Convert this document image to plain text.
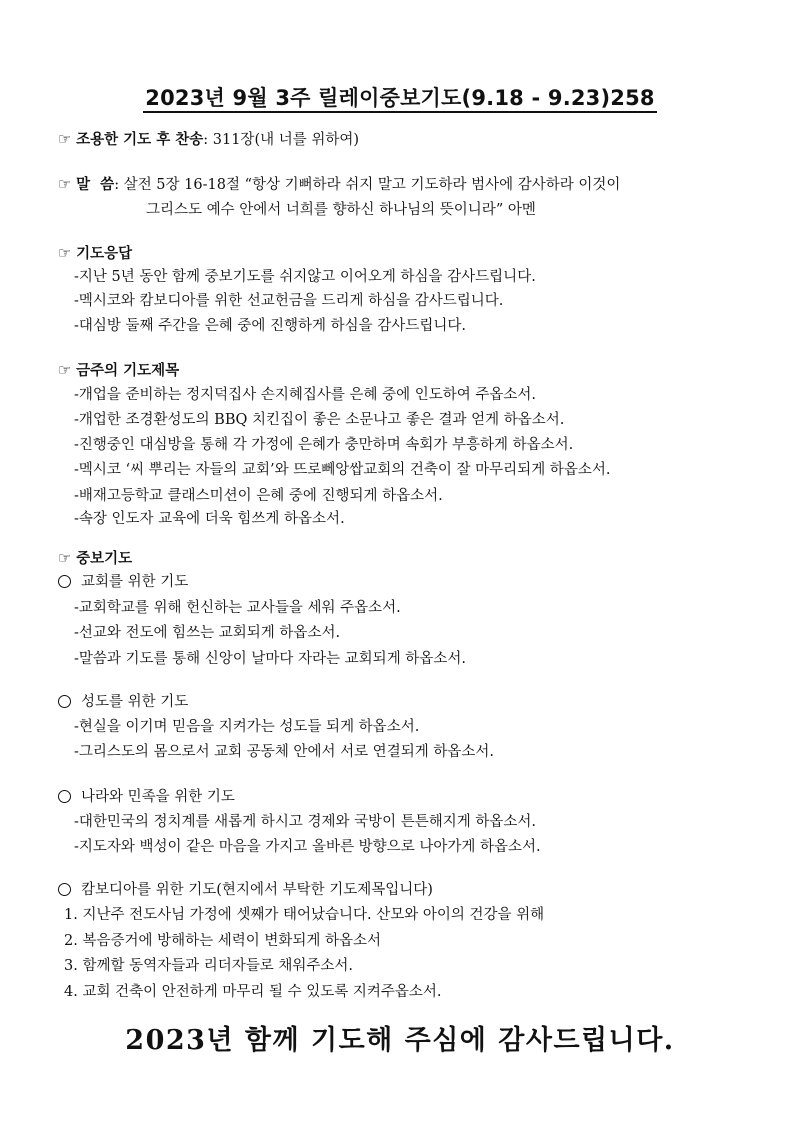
2023년 9월 3주 릴레이중보기도(9.18 - 9.23)258
☞ 조용한 기도 후 찬송: 311장(내 너를 위하여)
☞ 말  씀: 살전 5장 16-18절 “항상 기뻐하라 쉬지 말고 기도하라 범사에 감사하라 이것이
그리스도 예수 안에서 너희를 향하신 하나님의 뜻이니라” 아멘
☞ 기도응답
-지난 5년 동안 함께 중보기도를 쉬지않고 이어오게 하심을 감사드립니다.
-멕시코와 캄보디아를 위한 선교헌금을 드리게 하심을 감사드립니다.
-대심방 둘째 주간을 은혜 중에 진행하게 하심을 감사드립니다.
☞ 금주의 기도제목
-개업을 준비하는 정지덕집사 손지혜집사를 은혜 중에 인도하여 주옵소서.
-개업한 조경환성도의 BBQ 치킨집이 좋은 소문나고 좋은 결과 얻게 하옵소서.
-진행중인 대심방을 통해 각 가정에 은혜가 충만하며 속회가 부흥하게 하옵소서.
-멕시코 ‘씨 뿌리는 자들의 교회’와 뜨로뻬앙쌉교회의 건축이 잘 마무리되게 하옵소서.
-배재고등학교 클래스미션이 은혜 중에 진행되게 하옵소서.
-속장 인도자 교육에 더욱 힘쓰게 하옵소서.
☞ 중보기도
교회를 위한 기도
-교회학교를 위해 헌신하는 교사들을 세워 주옵소서.
-선교와 전도에 힘쓰는 교회되게 하옵소서.
-말씀과 기도를 통해 신앙이 날마다 자라는 교회되게 하옵소서.
성도를 위한 기도
-현실을 이기며 믿음을 지켜가는 성도들 되게 하옵소서.
-그리스도의 몸으로서 교회 공동체 안에서 서로 연결되게 하옵소서.
나라와 민족을 위한 기도
-대한민국의 정치계를 새롭게 하시고 경제와 국방이 튼튼해지게 하옵소서.
-지도자와 백성이 같은 마음을 가지고 올바른 방향으로 나아가게 하옵소서.
캄보디아를 위한 기도(현지에서 부탁한 기도제목입니다)
1. 지난주 전도사님 가정에 셋째가 태어났습니다. 산모와 아이의 건강을 위해
2. 복음증거에 방해하는 세력이 변화되게 하옵소서
3. 함께할 동역자들과 리더자들로 채워주소서.
4. 교회 건축이 안전하게 마무리 될 수 있도록 지켜주옵소서.
2023년 함께 기도해 주심에 감사드립니다.
